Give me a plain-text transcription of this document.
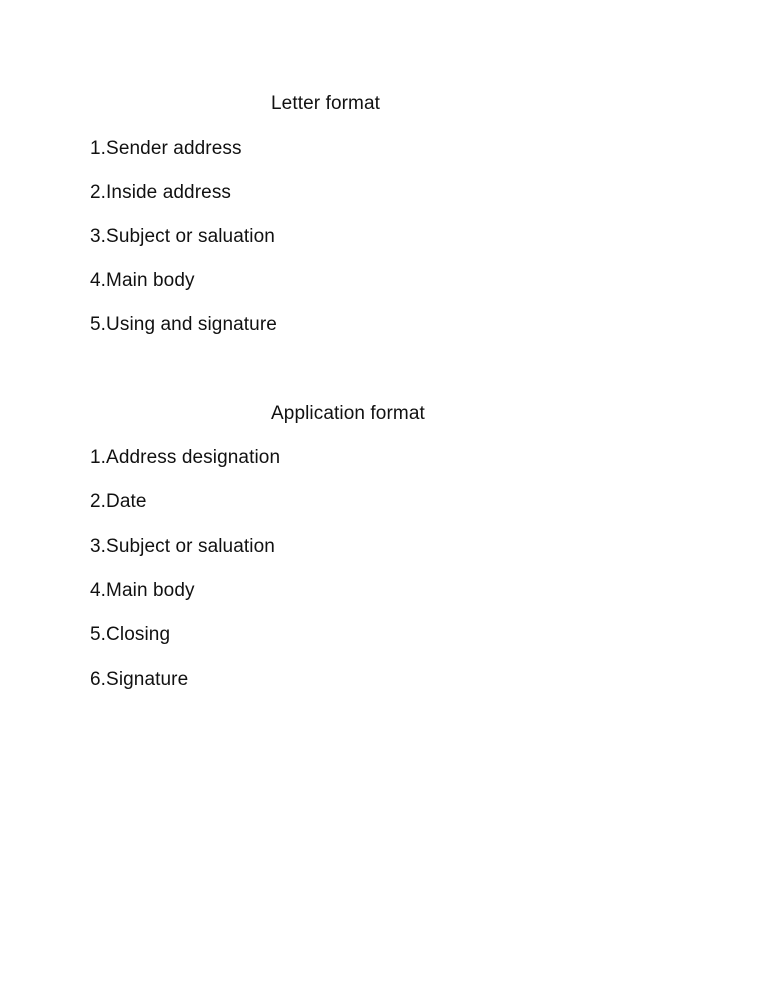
Letter format
1.Sender address
2.Inside address
3.Subject or saluation
4.Main body
5.Using and signature
Application format
1.Address designation
2.Date
3.Subject or saluation
4.Main body
5.Closing
6.Signature
